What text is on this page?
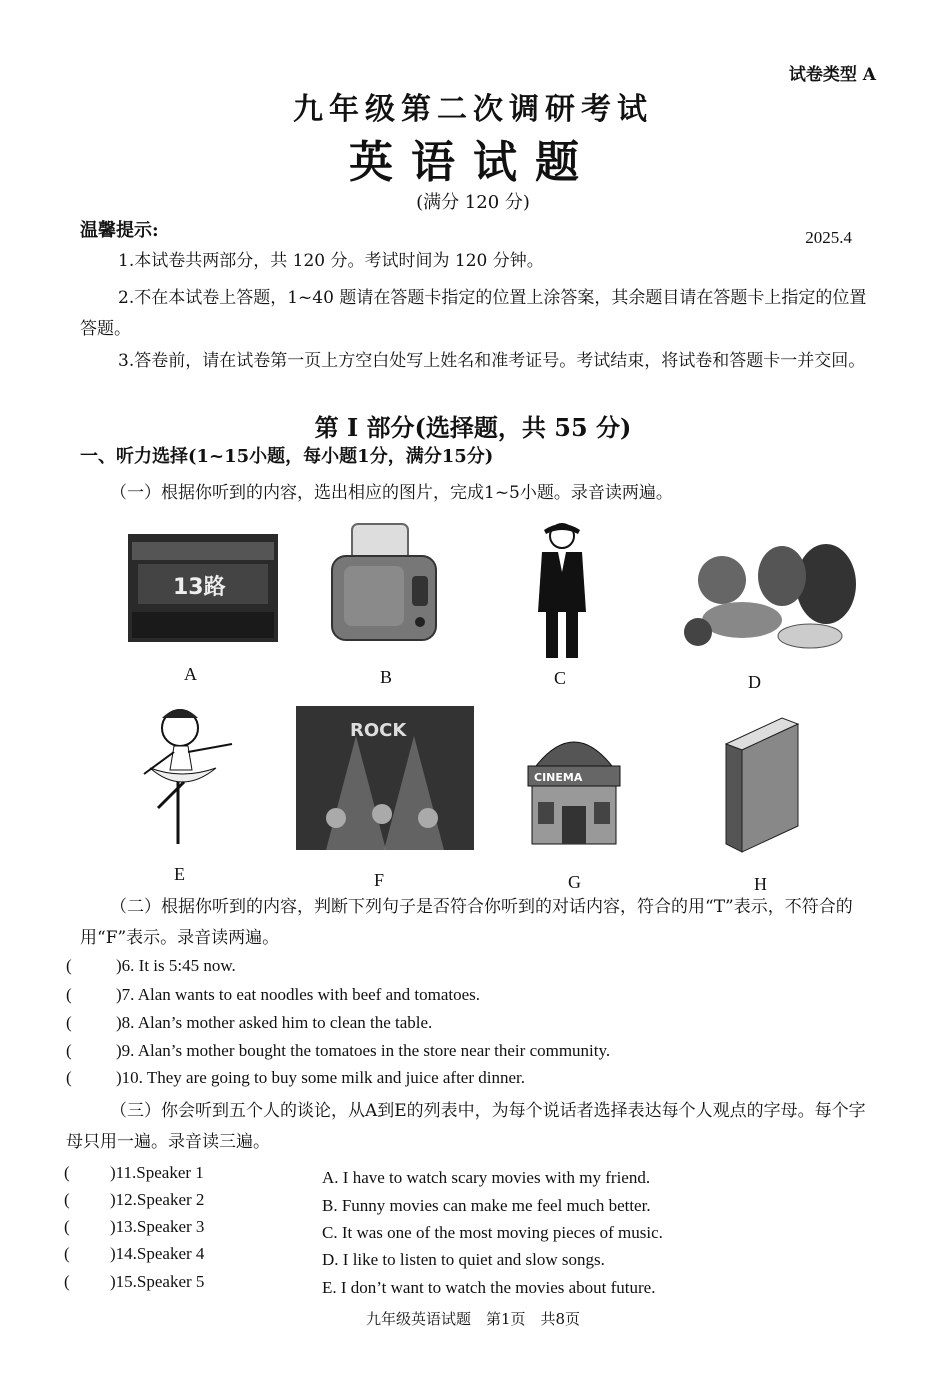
试卷类型 A
九年级第二次调研考试
英语试题
(满分 120 分)
温馨提示:	2025.4
1.本试卷共两部分，共 120 分。考试时间为 120 分钟。
2.不在本试卷上答题，1~40 题请在答题卡指定的位置上涂答案，其余题目请在答题卡上指定的位置答题。
3.答卷前，请在试卷第一页上方空白处写上姓名和准考证号。考试结束，将试卷和答题卡一并交回。
第 I 部分(选择题，共 55 分)
一、听力选择(1~15小题，每小题1分，满分15分)
（一）根据你听到的内容，选出相应的图片，完成1~5小题。录音读两遍。
13路
A	B	C	D
E
ROCK
F
CINEMA
G	H
（二）根据你听到的内容，判断下列句子是否符合你听到的对话内容，符合的用“T”表示，不符合的用“F”表示。录音读两遍。
(	)6. It is 5:45 now.
(	)7. Alan wants to eat noodles with beef and tomatoes.
(	)8. Alan’s mother asked him to clean the table.
(	)9. Alan’s mother bought the tomatoes in the store near their community.
(	)10. They are going to buy some milk and juice after dinner.
（三）你会听到五个人的谈论，从A到E的列表中，为每个说话者选择表达每个人观点的字母。每个字母只用一遍。录音读三遍。
( )11.Speaker 1	A. I have to watch scary movies with my friend.
( )12.Speaker 2	B. Funny movies can make me feel much better.
( )13.Speaker 3	C. It was one of the most moving pieces of music.
( )14.Speaker 4	D. I like to listen to quiet and slow songs.
( )15.Speaker 5	E. I don’t want to watch the movies about future.
九年级英语试题　第1页　共8页
